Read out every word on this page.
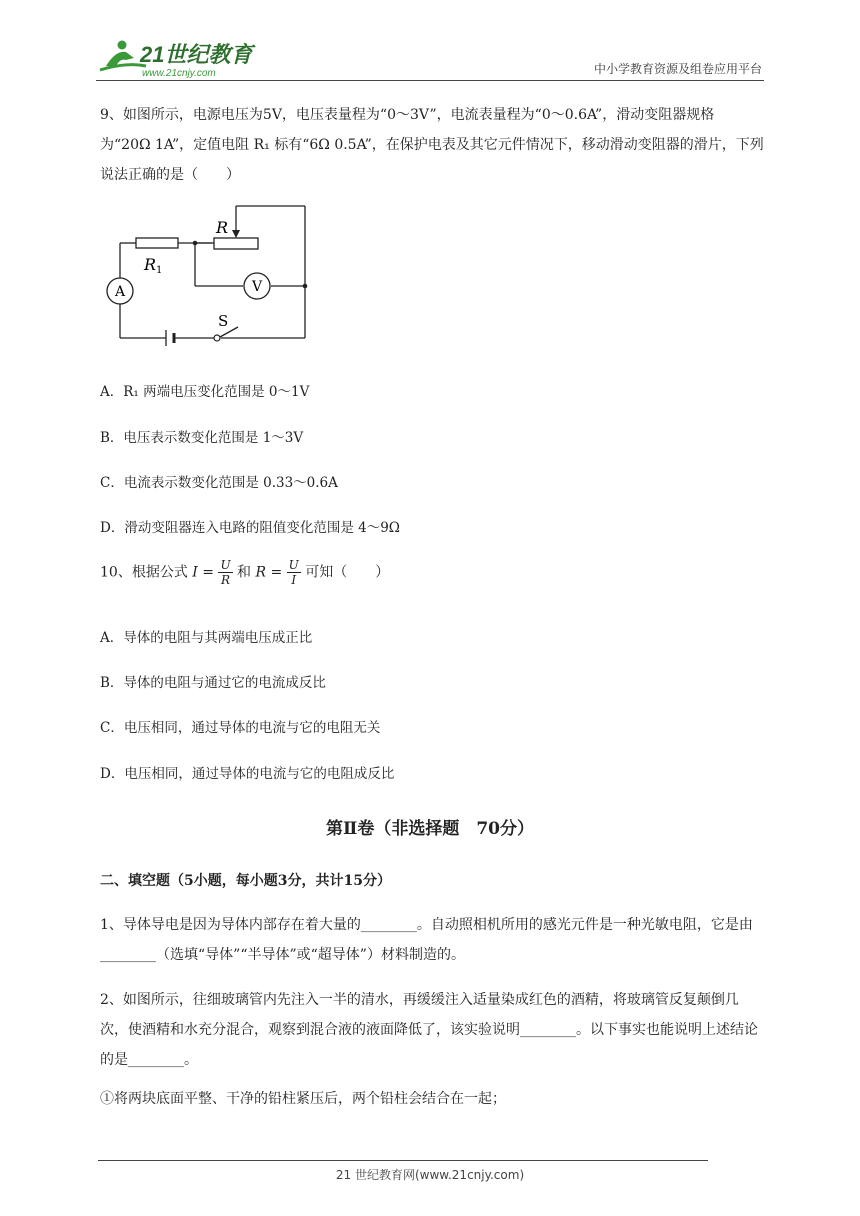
21世纪教育
www.21cnjy.com	中小学教育资源及组卷应用平台
9、如图所示，电源电压为5V，电压表量程为“0～3V”，电流表量程为“0～0.6A”，滑动变阻器规格为“20Ω 1A”，定值电阻 R₁ 标有“6Ω 0.5A”，在保护电表及其它元件情况下，移动滑动变阻器的滑片，下列说法正确的是（　　）
A	V
S
R
R 1
A．R₁ 两端电压变化范围是 0～1V
B．电压表示数变化范围是 1～3V
C．电流表示数变化范围是 0.33～0.6A
D．滑动变阻器连入电路的阻值变化范围是 4～9Ω
10、根据公式 $I = \frac{U}{R}$ 和 $R = \frac{U}{I}$ 可知（　　）
A．导体的电阻与其两端电压成正比
B．导体的电阻与通过它的电流成反比
C．电压相同，通过导体的电流与它的电阻无关
D．电压相同，通过导体的电流与它的电阻成反比
第Ⅱ卷（非选择题　70分）
二、填空题（5小题，每小题3分，共计15分）
1、导体导电是因为导体内部存在着大量的________。自动照相机所用的感光元件是一种光敏电阻，它是由________（选填“导体”“半导体”或“超导体”）材料制造的。
2、如图所示，往细玻璃管内先注入一半的清水，再缓缓注入适量染成红色的酒精，将玻璃管反复颠倒几次，使酒精和水充分混合，观察到混合液的液面降低了，该实验说明________。以下事实也能说明上述结论的是________。
①将两块底面平整、干净的铅柱紧压后，两个铅柱会结合在一起；
21 世纪教育网(www.21cnjy.com)
